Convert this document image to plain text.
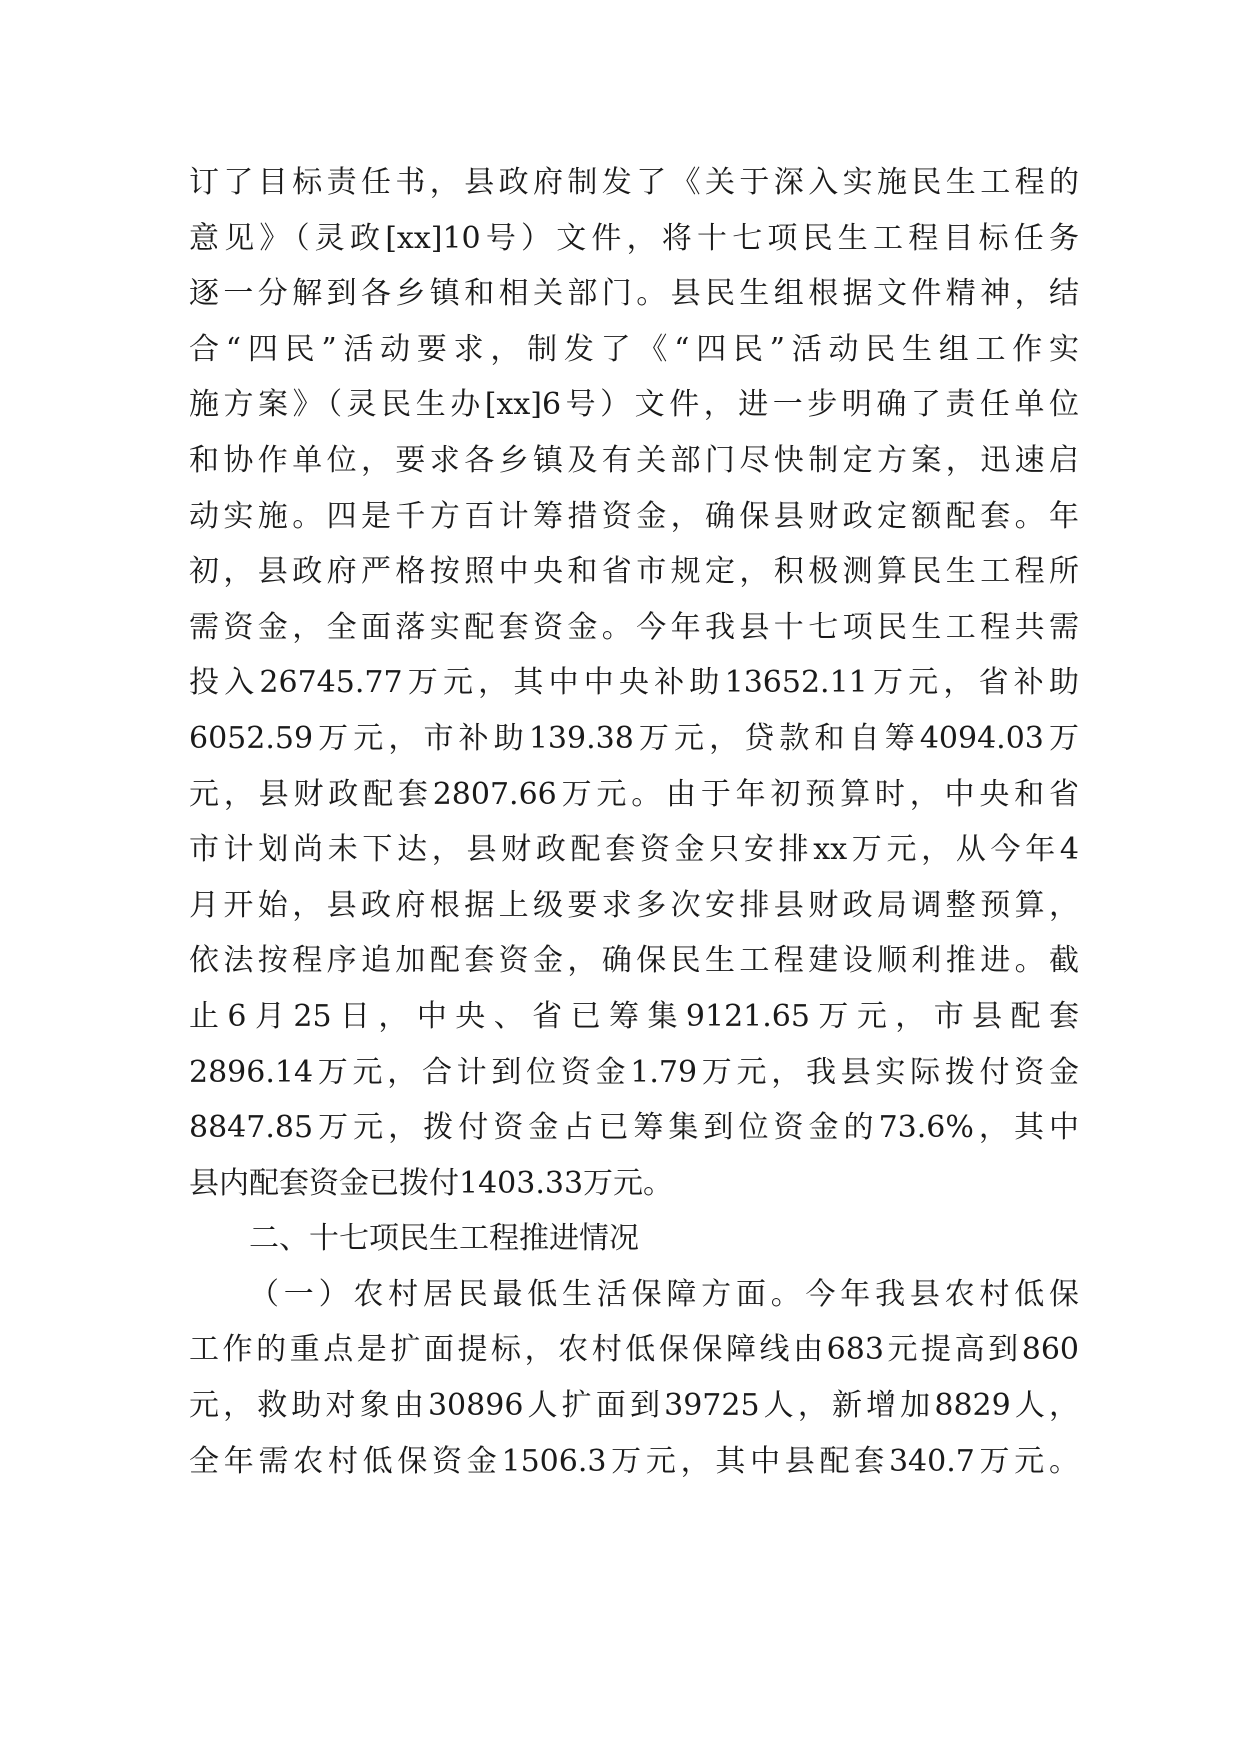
订了目标责任书，县政府制发了《关于深入实施民生工程的
意见》（灵政[xx]10号）文件，将十七项民生工程目标任务
逐一分解到各乡镇和相关部门。县民生组根据文件精神，结
合“四民”活动要求，制发了《“四民”活动民生组工作实
施方案》（灵民生办[xx]6号）文件，进一步明确了责任单位
和协作单位，要求各乡镇及有关部门尽快制定方案，迅速启
动实施。四是千方百计筹措资金，确保县财政定额配套。年
初，县政府严格按照中央和省市规定，积极测算民生工程所
需资金，全面落实配套资金。今年我县十七项民生工程共需
投入26745.77万元，其中中央补助13652.11万元，省补助
6052.59万元，市补助139.38万元，贷款和自筹4094.03万
元，县财政配套2807.66万元。由于年初预算时，中央和省
市计划尚未下达，县财政配套资金只安排xx万元，从今年4
月开始，县政府根据上级要求多次安排县财政局调整预算，
依法按程序追加配套资金，确保民生工程建设顺利推进。截
止6月25日，中央、省已筹集9121.65万元，市县配套
2896.14万元，合计到位资金1.79万元，我县实际拨付资金
8847.85万元，拨付资金占已筹集到位资金的73.6%，其中
县内配套资金已拨付1403.33万元。
二、十七项民生工程推进情况
（一）农村居民最低生活保障方面。今年我县农村低保
工作的重点是扩面提标，农村低保保障线由683元提高到860
元，救助对象由30896人扩面到39725人，新增加8829人，
全年需农村低保资金1506.3万元，其中县配套340.7万元。
